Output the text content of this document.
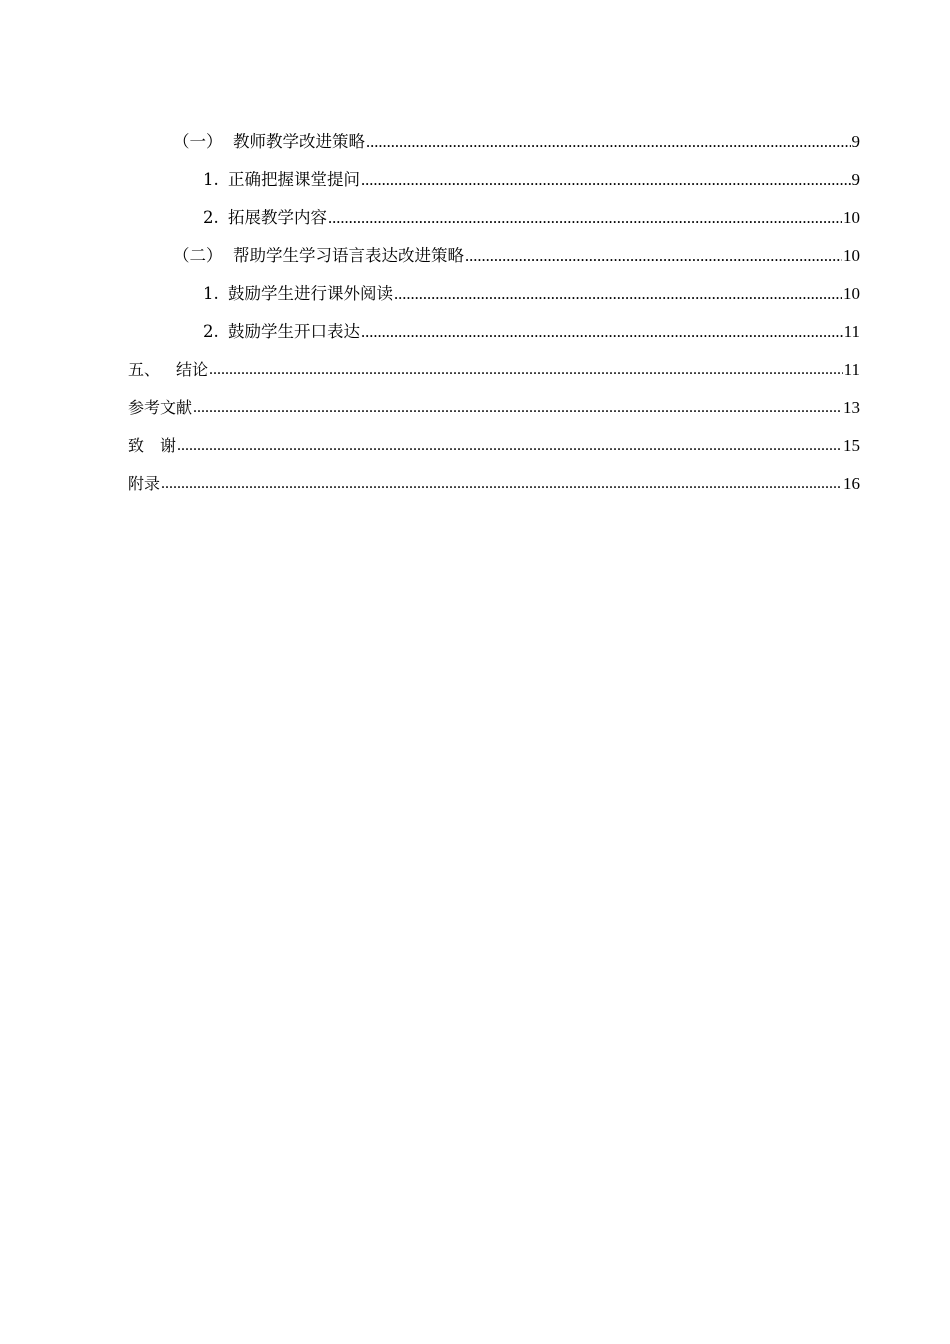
（一） 教师教学改进策略 .....	9
1. 正确把握课堂提问 .....	9
2. 拓展教学内容 .....	10
（二） 帮助学生学习语言表达改进策略 .....	10
1. 鼓励学生进行课外阅读 .....	10
2. 鼓励学生开口表达 .....	11
五、 结论 .....	11
参考文献 .....	13
致　谢 .....	15
附录 .....	16
